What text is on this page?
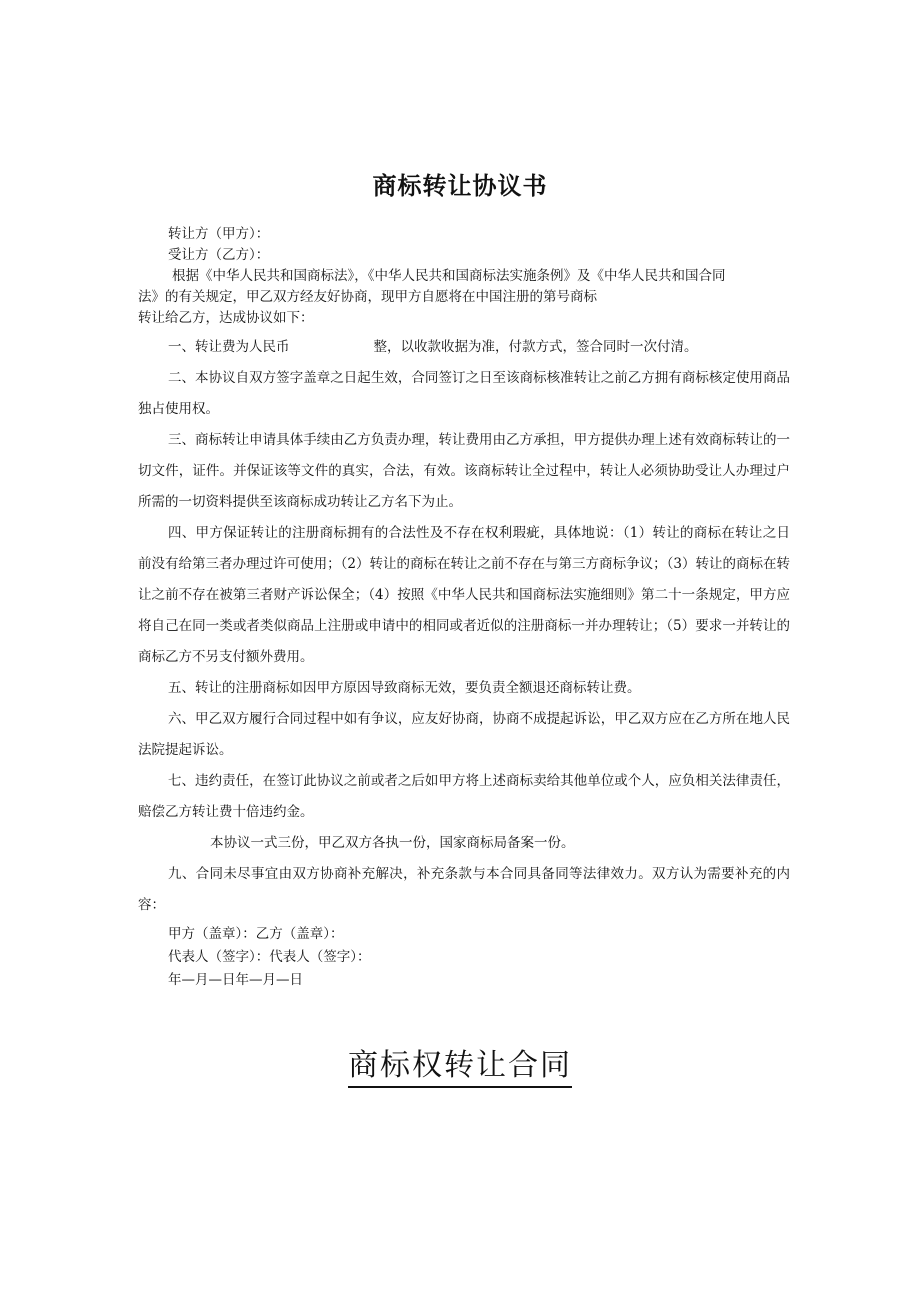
商标转让协议书
转让方（甲方）：
受让方（乙方）：
根据《中华人民共和国商标法》，《中华人民共和国商标法实施条例》及《中华人民共和国合同
法》的有关规定，甲乙双方经友好协商，现甲方自愿将在中国注册的第号商标
转让给乙方，达成协议如下：

一、转让费为人民币	整，以收款收据为准，付款方式，签合同时一次付清。

二、本协议自双方签字盖章之日起生效，合同签订之日至该商标核准转让之前乙方拥有商标核定使用商品独占使用权。

三、商标转让申请具体手续由乙方负责办理，转让费用由乙方承担，甲方提供办理上述有效商标转让的一切文件，证件。并保证该等文件的真实，合法，有效。该商标转让全过程中，转让人必须协助受让人办理过户所需的一切资料提供至该商标成功转让乙方名下为止。

四、甲方保证转让的注册商标拥有的合法性及不存在权利瑕疵，具体地说：（1）转让的商标在转让之日前没有给第三者办理过许可使用；（2）转让的商标在转让之前不存在与第三方商标争议；（3）转让的商标在转让之前不存在被第三者财产诉讼保全；（4）按照《中华人民共和国商标法实施细则》第二十一条规定，甲方应将自己在同一类或者类似商品上注册或申请中的相同或者近似的注册商标一并办理转让；（5）要求一并转让的商标乙方不另支付额外费用。

五、转让的注册商标如因甲方原因导致商标无效，要负责全额退还商标转让费。

六、甲乙双方履行合同过程中如有争议，应友好协商，协商不成提起诉讼，甲乙双方应在乙方所在地人民法院提起诉讼。

七、违约责任，在签订此协议之前或者之后如甲方将上述商标卖给其他单位或个人，应负相关法律责任，赔偿乙方转让费十倍违约金。

本协议一式三份，甲乙双方各执一份，国家商标局备案一份。

九、合同未尽事宜由双方协商补充解决，补充条款与本合同具备同等法律效力。双方认为需要补充的内容：

甲方（盖章）：乙方（盖章）：
代表人（签字）：代表人（签字）：
年—月—日年—月—日
商标权转让合同
